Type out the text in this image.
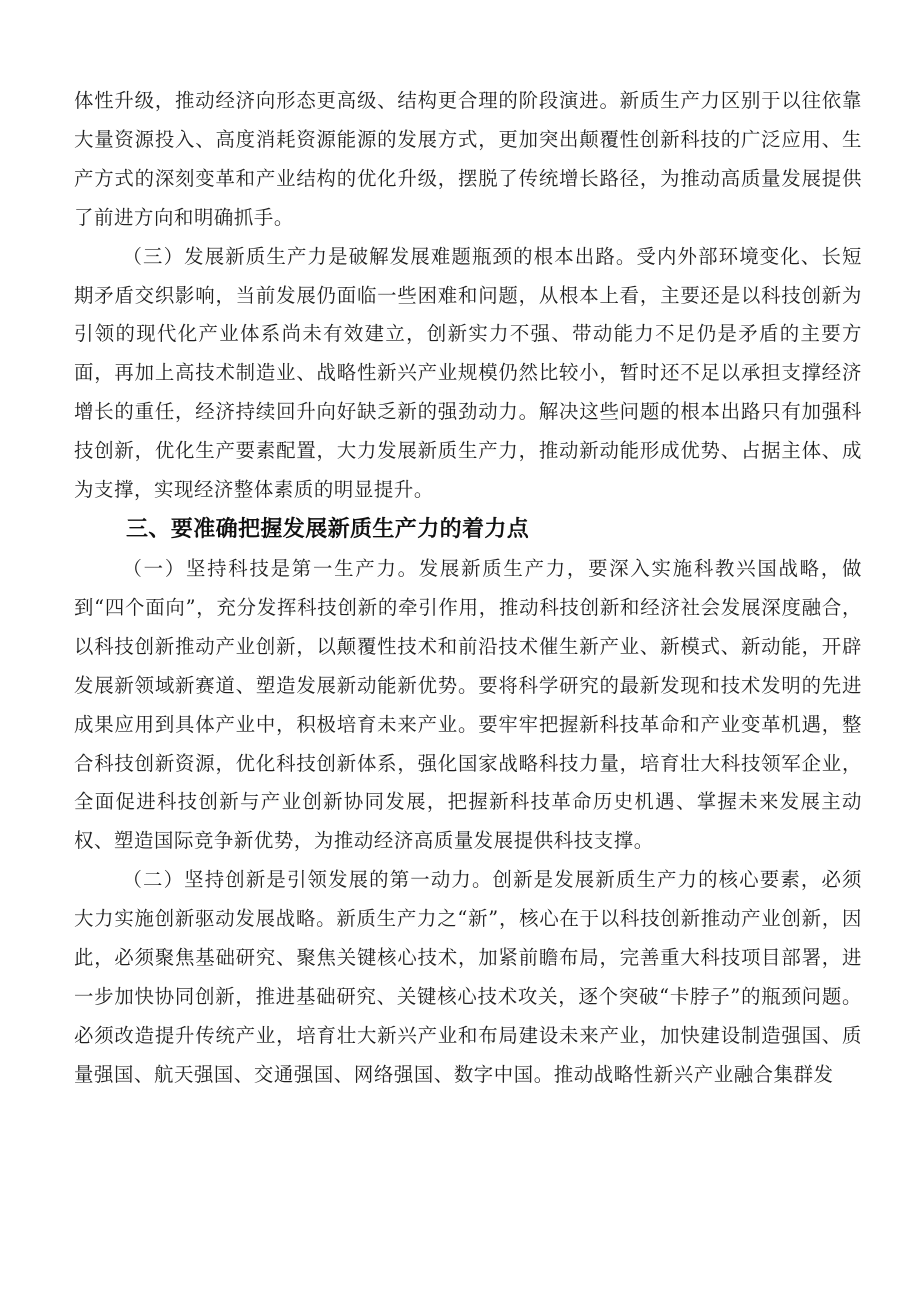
体性升级，推动经济向形态更高级、结构更合理的阶段演进。新质生产力区别于以往依靠大量资源投入、高度消耗资源能源的发展方式，更加突出颠覆性创新科技的广泛应用、生产方式的深刻变革和产业结构的优化升级，摆脱了传统增长路径，为推动高质量发展提供了前进方向和明确抓手。

（三）发展新质生产力是破解发展难题瓶颈的根本出路。受内外部环境变化、长短期矛盾交织影响，当前发展仍面临一些困难和问题，从根本上看，主要还是以科技创新为引领的现代化产业体系尚未有效建立，创新实力不强、带动能力不足仍是矛盾的主要方面，再加上高技术制造业、战略性新兴产业规模仍然比较小，暂时还不足以承担支撑经济增长的重任，经济持续回升向好缺乏新的强劲动力。解决这些问题的根本出路只有加强科技创新，优化生产要素配置，大力发展新质生产力，推动新动能形成优势、占据主体、成为支撑，实现经济整体素质的明显提升。

三、要准确把握发展新质生产力的着力点

（一）坚持科技是第一生产力。发展新质生产力，要深入实施科教兴国战略，做到“四个面向”，充分发挥科技创新的牵引作用，推动科技创新和经济社会发展深度融合，以科技创新推动产业创新，以颠覆性技术和前沿技术催生新产业、新模式、新动能，开辟发展新领域新赛道、塑造发展新动能新优势。要将科学研究的最新发现和技术发明的先进成果应用到具体产业中，积极培育未来产业。要牢牢把握新科技革命和产业变革机遇，整合科技创新资源，优化科技创新体系，强化国家战略科技力量，培育壮大科技领军企业，全面促进科技创新与产业创新协同发展，把握新科技革命历史机遇、掌握未来发展主动权、塑造国际竞争新优势，为推动经济高质量发展提供科技支撑。

（二）坚持创新是引领发展的第一动力。创新是发展新质生产力的核心要素，必须大力实施创新驱动发展战略。新质生产力之“新”，核心在于以科技创新推动产业创新，因此，必须聚焦基础研究、聚焦关键核心技术，加紧前瞻布局，完善重大科技项目部署，进一步加快协同创新，推进基础研究、关键核心技术攻关，逐个突破“卡脖子”的瓶颈问题。必须改造提升传统产业，培育壮大新兴产业和布局建设未来产业，加快建设制造强国、质量强国、航天强国、交通强国、网络强国、数字中国。推动战略性新兴产业融合集群发
